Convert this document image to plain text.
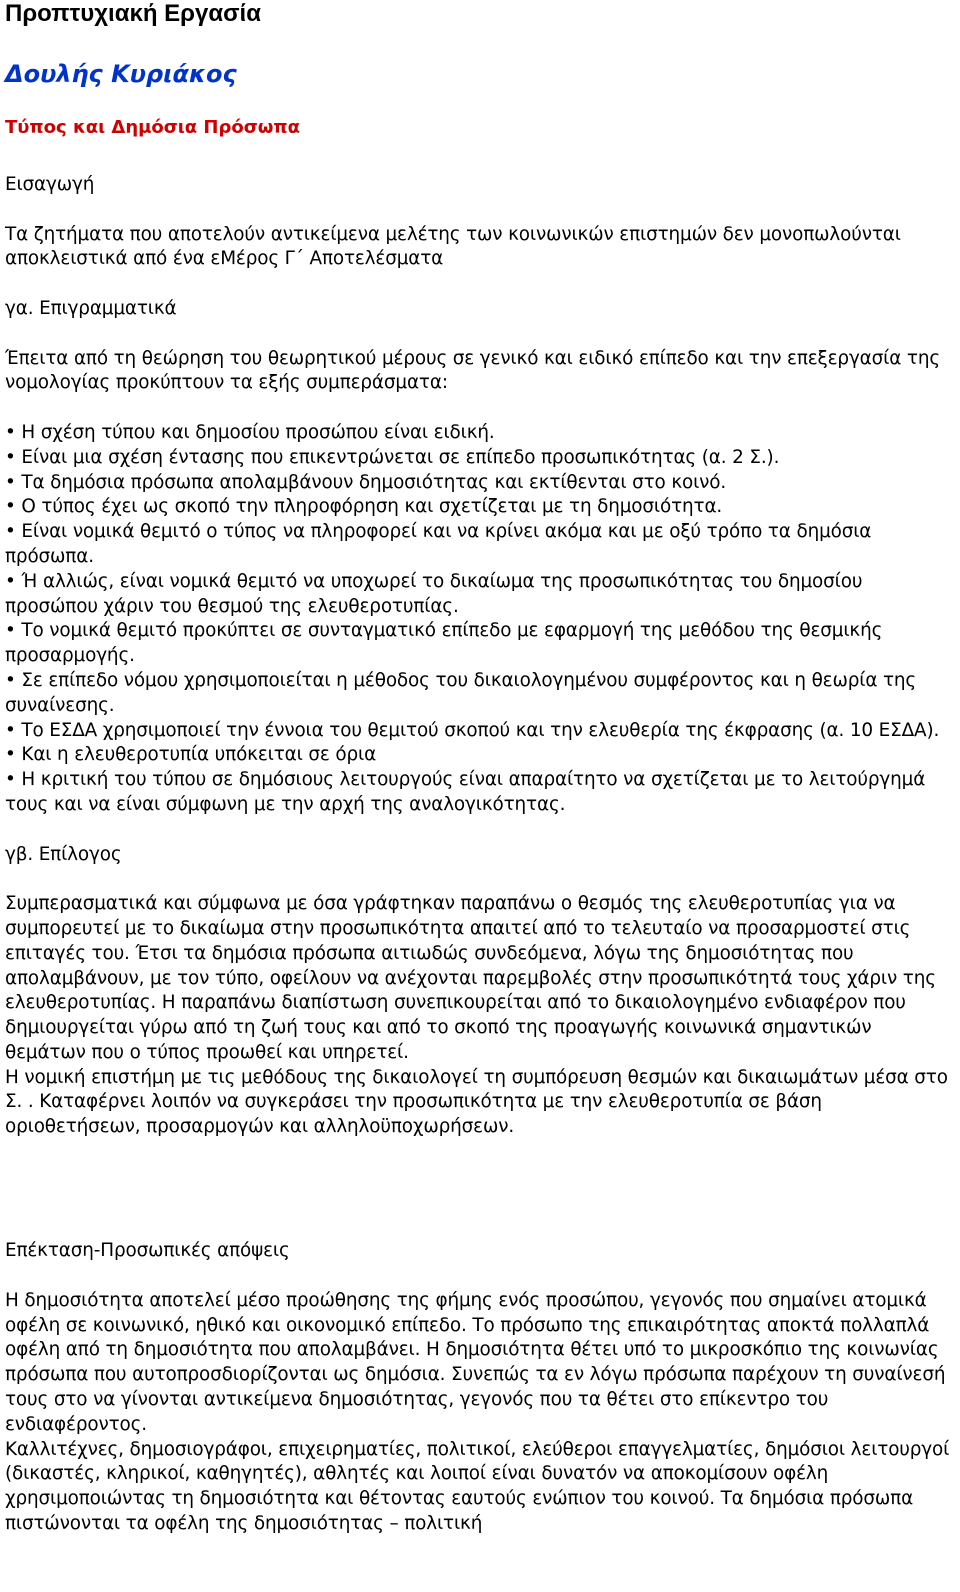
Προπτυχιακή Εργασία
Δουλής Κυριάκος
Τύπος και Δημόσια Πρόσωπα

Εισαγωγή

Τα ζητήματα που αποτελούν αντικείμενα μελέτης των κοινωνικών επιστημών δεν μονοπωλούνται αποκλειστικά από ένα εΜέρος Γ΄ Αποτελέσματα

γα. Επιγραμματικά

Έπειτα από τη θεώρηση του θεωρητικού μέρους σε γενικό και ειδικό επίπεδο και την επεξεργασία της νομολογίας προκύπτουν τα εξής συμπεράσματα:

• Η σχέση τύπου και δημοσίου προσώπου είναι ειδική.
• Είναι μια σχέση έντασης που επικεντρώνεται σε επίπεδο προσωπικότητας (α. 2 Σ.).
• Τα δημόσια πρόσωπα απολαμβάνουν δημοσιότητας και εκτίθενται στο κοινό.
• Ο τύπος έχει ως σκοπό την πληροφόρηση και σχετίζεται με τη δημοσιότητα.
• Είναι νομικά θεμιτό ο τύπος να πληροφορεί και να κρίνει ακόμα και με οξύ τρόπο τα δημόσια πρόσωπα.
• Ή αλλιώς, είναι νομικά θεμιτό να υποχωρεί το δικαίωμα της προσωπικότητας του δημοσίου προσώπου χάριν του θεσμού της ελευθεροτυπίας.
• Το νομικά θεμιτό προκύπτει σε συνταγματικό επίπεδο με εφαρμογή της μεθόδου της θεσμικής προσαρμογής.
• Σε επίπεδο νόμου χρησιμοποιείται η μέθοδος του δικαιολογημένου συμφέροντος και η θεωρία της συναίνεσης.
• Το ΕΣΔΑ χρησιμοποιεί την έννοια του θεμιτού σκοπού και την ελευθερία της έκφρασης (α. 10 ΕΣΔΑ).
• Και η ελευθεροτυπία υπόκειται σε όρια
• Η κριτική του τύπου σε δημόσιους λειτουργούς είναι απαραίτητο να σχετίζεται με το λειτούργημά τους και να είναι σύμφωνη με την αρχή της αναλογικότητας.

γβ. Επίλογος

Συμπερασματικά και σύμφωνα με όσα γράφτηκαν παραπάνω ο θεσμός της ελευθεροτυπίας για να συμπορευτεί με το δικαίωμα στην προσωπικότητα απαιτεί από το τελευταίο να προσαρμοστεί στις επιταγές του. Έτσι τα δημόσια πρόσωπα αιτιωδώς συνδεόμενα, λόγω της δημοσιότητας που απολαμβάνουν, με τον τύπο, οφείλουν να ανέχονται παρεμβολές στην προσωπικότητά τους χάριν της ελευθεροτυπίας. Η παραπάνω διαπίστωση συνεπικουρείται από το δικαιολογημένο ενδιαφέρον που δημιουργείται γύρω από τη ζωή τους και από το σκοπό της προαγωγής κοινωνικά σημαντικών θεμάτων που ο τύπος προωθεί και υπηρετεί.

Η νομική επιστήμη με τις μεθόδους της δικαιολογεί τη συμπόρευση θεσμών και δικαιωμάτων μέσα στο Σ. . Καταφέρνει λοιπόν να συγκεράσει την προσωπικότητα με την ελευθεροτυπία σε βάση οριοθετήσεων, προσαρμογών και αλληλοϋποχωρήσεων.

Επέκταση-Προσωπικές απόψεις

Η δημοσιότητα αποτελεί μέσο προώθησης της φήμης ενός προσώπου, γεγονός που σημαίνει ατομικά οφέλη σε κοινωνικό, ηθικό και οικονομικό επίπεδο. Το πρόσωπο της επικαιρότητας αποκτά πολλαπλά οφέλη από τη δημοσιότητα που απολαμβάνει. Η δημοσιότητα θέτει υπό το μικροσκόπιο της κοινωνίας πρόσωπα που αυτοπροσδιορίζονται ως δημόσια. Συνεπώς τα εν λόγω πρόσωπα παρέχουν τη συναίνεσή τους στο να γίνονται αντικείμενα δημοσιότητας, γεγονός που τα θέτει στο επίκεντρο του ενδιαφέροντος.

Καλλιτέχνες, δημοσιογράφοι, επιχειρηματίες, πολιτικοί, ελεύθεροι επαγγελματίες, δημόσιοι λειτουργοί (δικαστές, κληρικοί, καθηγητές), αθλητές και λοιποί είναι δυνατόν να αποκομίσουν οφέλη χρησιμοποιώντας τη δημοσιότητα και θέτοντας εαυτούς ενώπιον του κοινού. Τα δημόσια πρόσωπα πιστώνονται τα οφέλη της δημοσιότητας – πολιτική
